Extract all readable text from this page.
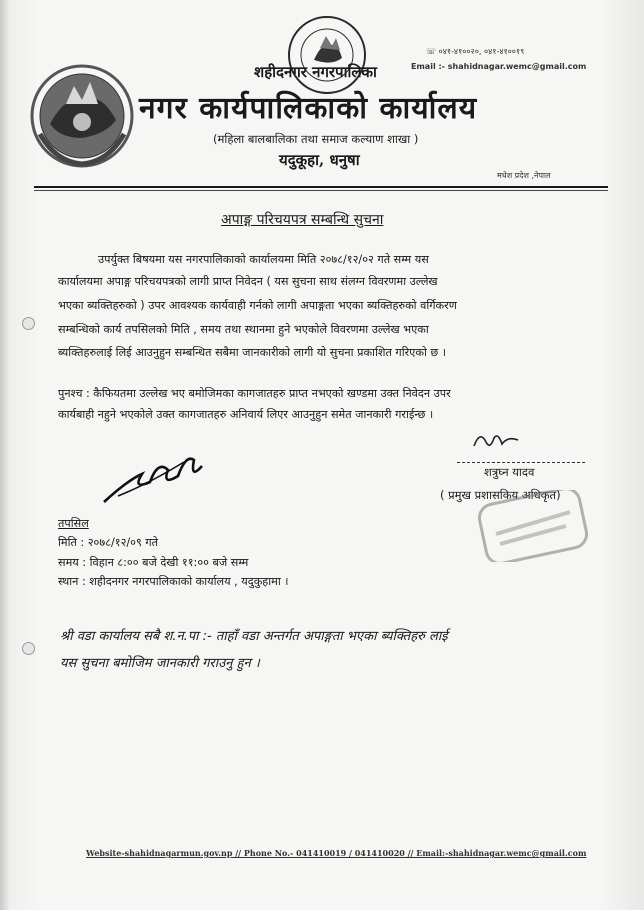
☏ ०४१-४१००२०, ०४१-४१००१९
Email :- shahidnagar.wemc@gmail.com
शहीदनगर नगरपालिका
नगर कार्यपालिकाको कार्यालय
(महिला बालबालिका तथा समाज कल्याण शाखा )
यदुकूहा, धनुषा
मधेश प्रदेश ,नेपाल
अपाङ्ग परिचयपत्र सम्बन्धि सुचना
उपर्युक्त बिषयमा यस नगरपालिकाको कार्यालयमा मिति २०७८/१२/०२ गते सम्म यस
कार्यालयमा अपाङ्ग परिचयपत्रको लागी प्राप्त निवेदन ( यस सुचना साथ संलग्न विवरणमा उल्लेख
भएका ब्यक्तिहरुको ) उपर आवश्यक कार्यवाही गर्नको लागी अपाङ्गता भएका ब्यक्तिहरुको वर्गिकरण
सम्बन्धिको कार्य तपसिलको मिति , समय तथा स्थानमा हुने भएकोले विवरणमा उल्लेख भएका
ब्यक्तिहरुलाई लिई आउनुहुन सम्बन्धित सबैमा जानकारीको लागी यो सुचना प्रकाशित गरिएको छ ।
पुनश्च : कैफियतमा उल्लेख भए बमोजिमका कागजातहरु प्राप्त नभएको खण्डमा उक्त निवेदन उपर
कार्यबाही नहुने भएकोले उक्त कागजातहरु अनिवार्य लिएर आउनुहुन समेत जानकारी गराईन्छ ।
शत्रुघ्न यादव
( प्रमुख प्रशासकिय अधिकृत)
तपसिल
मिति : २०७८/१२/०९ गते
समय : विहान ८:०० बजे देखी ११:०० बजे सम्म
स्थान : शहीदनगर नगरपालिकाको कार्यालय , यदुकुहामा ।
श्री वडा कार्यालय सबै श.न.पा :- ताहाँ वडा अन्तर्गत अपाङ्गता भएका ब्यक्तिहरु लाई
यस सुचना बमोजिम जानकारी गराउनु हुन ।
Website-shahidnagarmun.gov.np // Phone No.- 041410019 / 041410020 // Email:-shahidnagar.wemc@gmail.com
